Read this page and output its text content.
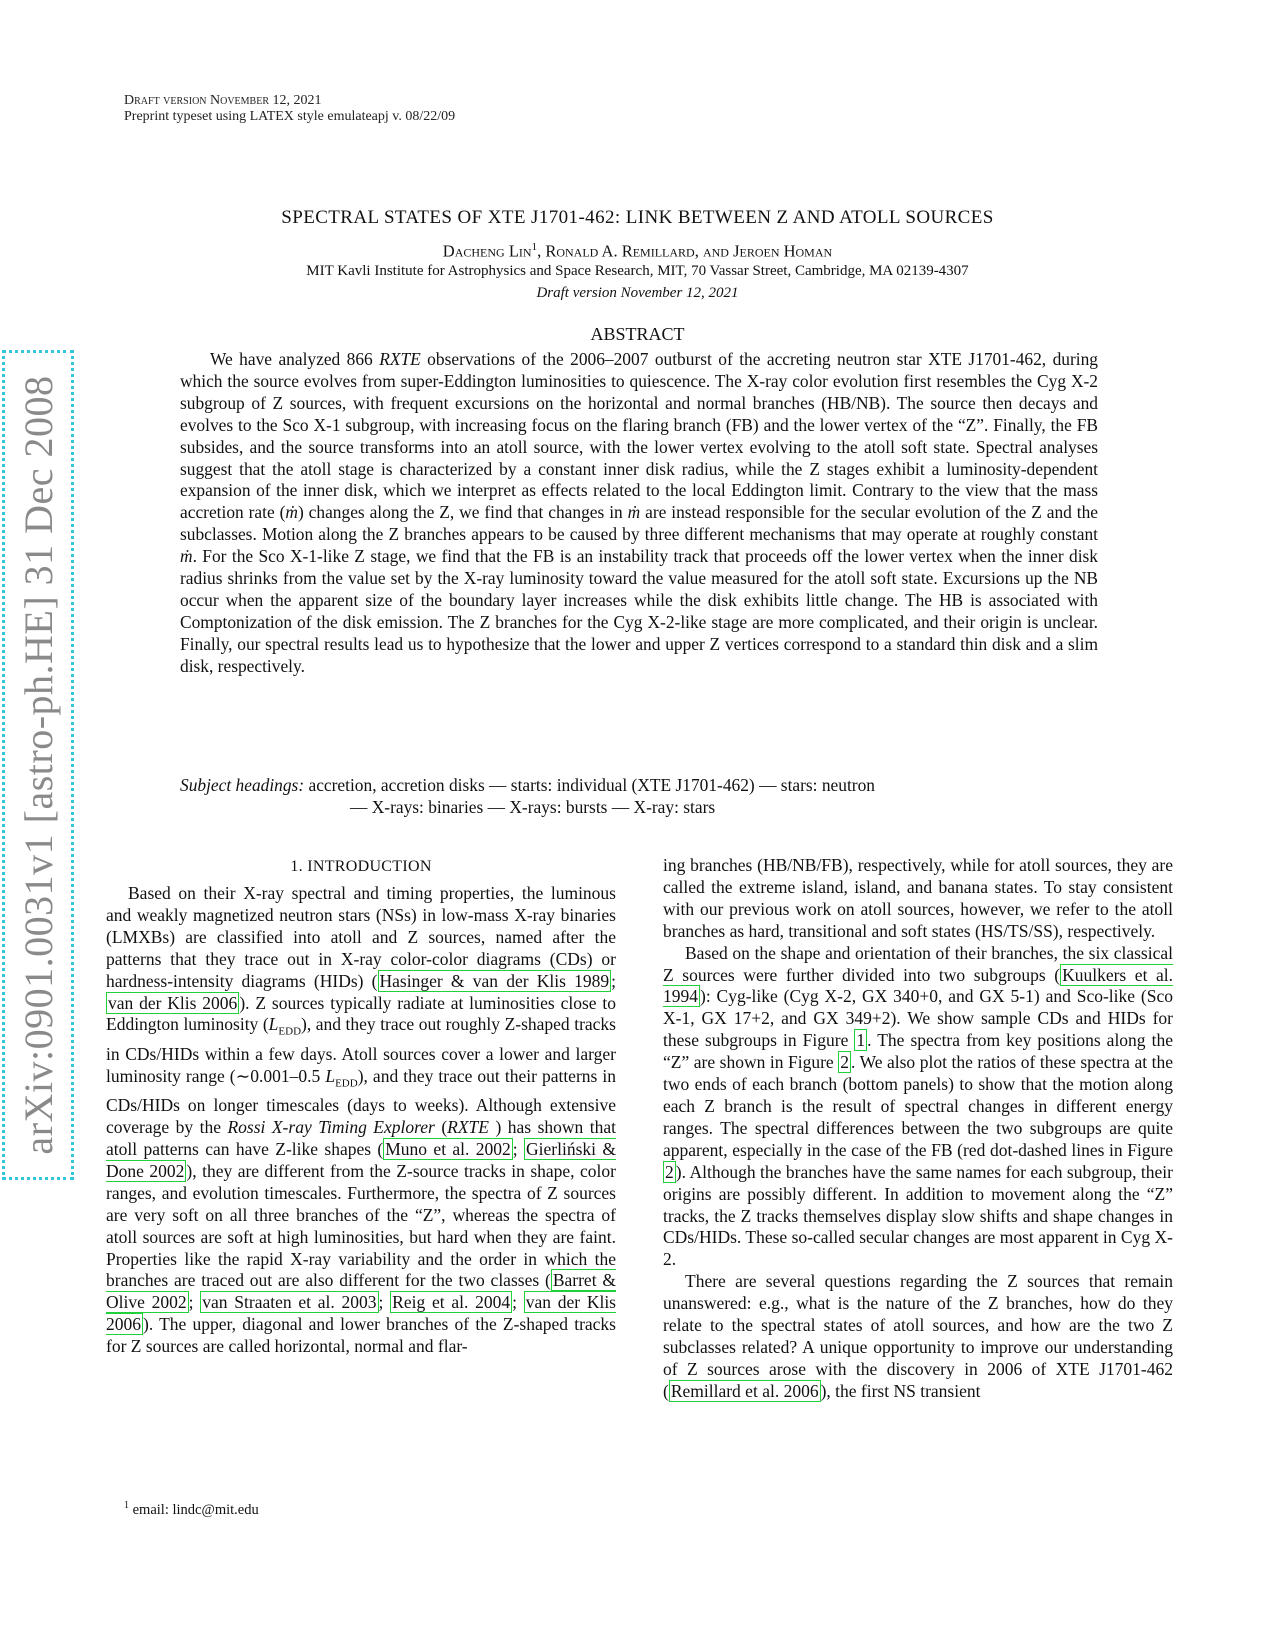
arXiv:0901.0031v1 [astro-ph.HE] 31 Dec 2008
Draft version November 12, 2021
Preprint typeset using LATEX style emulateapj v. 08/22/09
SPECTRAL STATES OF XTE J1701-462: LINK BETWEEN Z AND ATOLL SOURCES
Dacheng Lin$^1$, Ronald A. Remillard, and Jeroen Homan
MIT Kavli Institute for Astrophysics and Space Research, MIT, 70 Vassar Street, Cambridge, MA 02139-4307
Draft version November 12, 2021
ABSTRACT

We have analyzed 866 RXTE observations of the 2006–2007 outburst of the accreting neutron star XTE J1701-462, during which the source evolves from super-Eddington luminosities to quiescence. The X-ray color evolution first resembles the Cyg X-2 subgroup of Z sources, with frequent excursions on the horizontal and normal branches (HB/NB). The source then decays and evolves to the Sco X-1 subgroup, with increasing focus on the flaring branch (FB) and the lower vertex of the “Z”. Finally, the FB subsides, and the source transforms into an atoll source, with the lower vertex evolving to the atoll soft state. Spectral analyses suggest that the atoll stage is characterized by a constant inner disk radius, while the Z stages exhibit a luminosity-dependent expansion of the inner disk, which we interpret as effects related to the local Eddington limit. Contrary to the view that the mass accretion rate (ṁ) changes along the Z, we find that changes in ṁ are instead responsible for the secular evolution of the Z and the subclasses. Motion along the Z branches appears to be caused by three different mechanisms that may operate at roughly constant ṁ. For the Sco X-1-like Z stage, we find that the FB is an instability track that proceeds off the lower vertex when the inner disk radius shrinks from the value set by the X-ray luminosity toward the value measured for the atoll soft state. Excursions up the NB occur when the apparent size of the boundary layer increases while the disk exhibits little change. The HB is associated with Comptonization of the disk emission. The Z branches for the Cyg X-2-like stage are more complicated, and their origin is unclear. Finally, our spectral results lead us to hypothesize that the lower and upper Z vertices correspond to a standard thin disk and a slim disk, respectively.

Subject headings: accretion, accretion disks — starts: individual (XTE J1701-462) — stars: neutron
— X-rays: binaries — X-rays: bursts — X-ray: stars
1. INTRODUCTION

Based on their X-ray spectral and timing properties, the luminous and weakly magnetized neutron stars (NSs) in low-mass X-ray binaries (LMXBs) are classified into atoll and Z sources, named after the patterns that they trace out in X-ray color-color diagrams (CDs) or hardness-intensity diagrams (HIDs) ( Hasinger & van der Klis 1989 ; van der Klis 2006 ). Z sources typically radiate at luminosities close to Eddington luminosity $(L_{EDD})$, and they trace out roughly Z-shaped tracks in CDs/HIDs within a few days. Atoll sources cover a lower and larger luminosity range (∼0.001–0.5 $L_{EDD}$), and they trace out their patterns in CDs/HIDs on longer timescales (days to weeks). Although extensive coverage by the Rossi X-ray Timing Explorer (RXTE ) has shown that atoll patterns can have Z-like shapes ( Muno et al. 2002 ; Gierliński & Done 2002 ), they are different from the Z-source tracks in shape, color ranges, and evolution timescales. Furthermore, the spectra of Z sources are very soft on all three branches of the “Z”, whereas the spectra of atoll sources are soft at high luminosities, but hard when they are faint. Properties like the rapid X-ray variability and the order in which the branches are traced out are also different for the two classes ( Barret & Olive 2002 ; van Straaten et al. 2003 ; Reig et al. 2004 ; van der Klis 2006 ). The upper, diagonal and lower branches of the Z-shaped tracks for Z sources are called horizontal, normal and flar-

ing branches (HB/NB/FB), respectively, while for atoll sources, they are called the extreme island, island, and banana states. To stay consistent with our previous work on atoll sources, however, we refer to the atoll branches as hard, transitional and soft states (HS/TS/SS), respectively.

Based on the shape and orientation of their branches, the six classical Z sources were further divided into two subgroups ( Kuulkers et al. 1994 ): Cyg-like (Cyg X-2, GX 340+0, and GX 5-1) and Sco-like (Sco X-1, GX 17+2, and GX 349+2). We show sample CDs and HIDs for these subgroups in Figure 1 . The spectra from key positions along the “Z” are shown in Figure 2 . We also plot the ratios of these spectra at the two ends of each branch (bottom panels) to show that the motion along each Z branch is the result of spectral changes in different energy ranges. The spectral differences between the two subgroups are quite apparent, especially in the case of the FB (red dot-dashed lines in Figure 2 ). Although the branches have the same names for each subgroup, their origins are possibly different. In addition to movement along the “Z” tracks, the Z tracks themselves display slow shifts and shape changes in CDs/HIDs. These so-called secular changes are most apparent in Cyg X-2.

There are several questions regarding the Z sources that remain unanswered: e.g., what is the nature of the Z branches, how do they relate to the spectral states of atoll sources, and how are the two Z subclasses related? A unique opportunity to improve our understanding of Z sources arose with the discovery in 2006 of XTE J1701-462 ( Remillard et al. 2006 ), the first NS transient

$^1$ email: lindc@mit.edu
